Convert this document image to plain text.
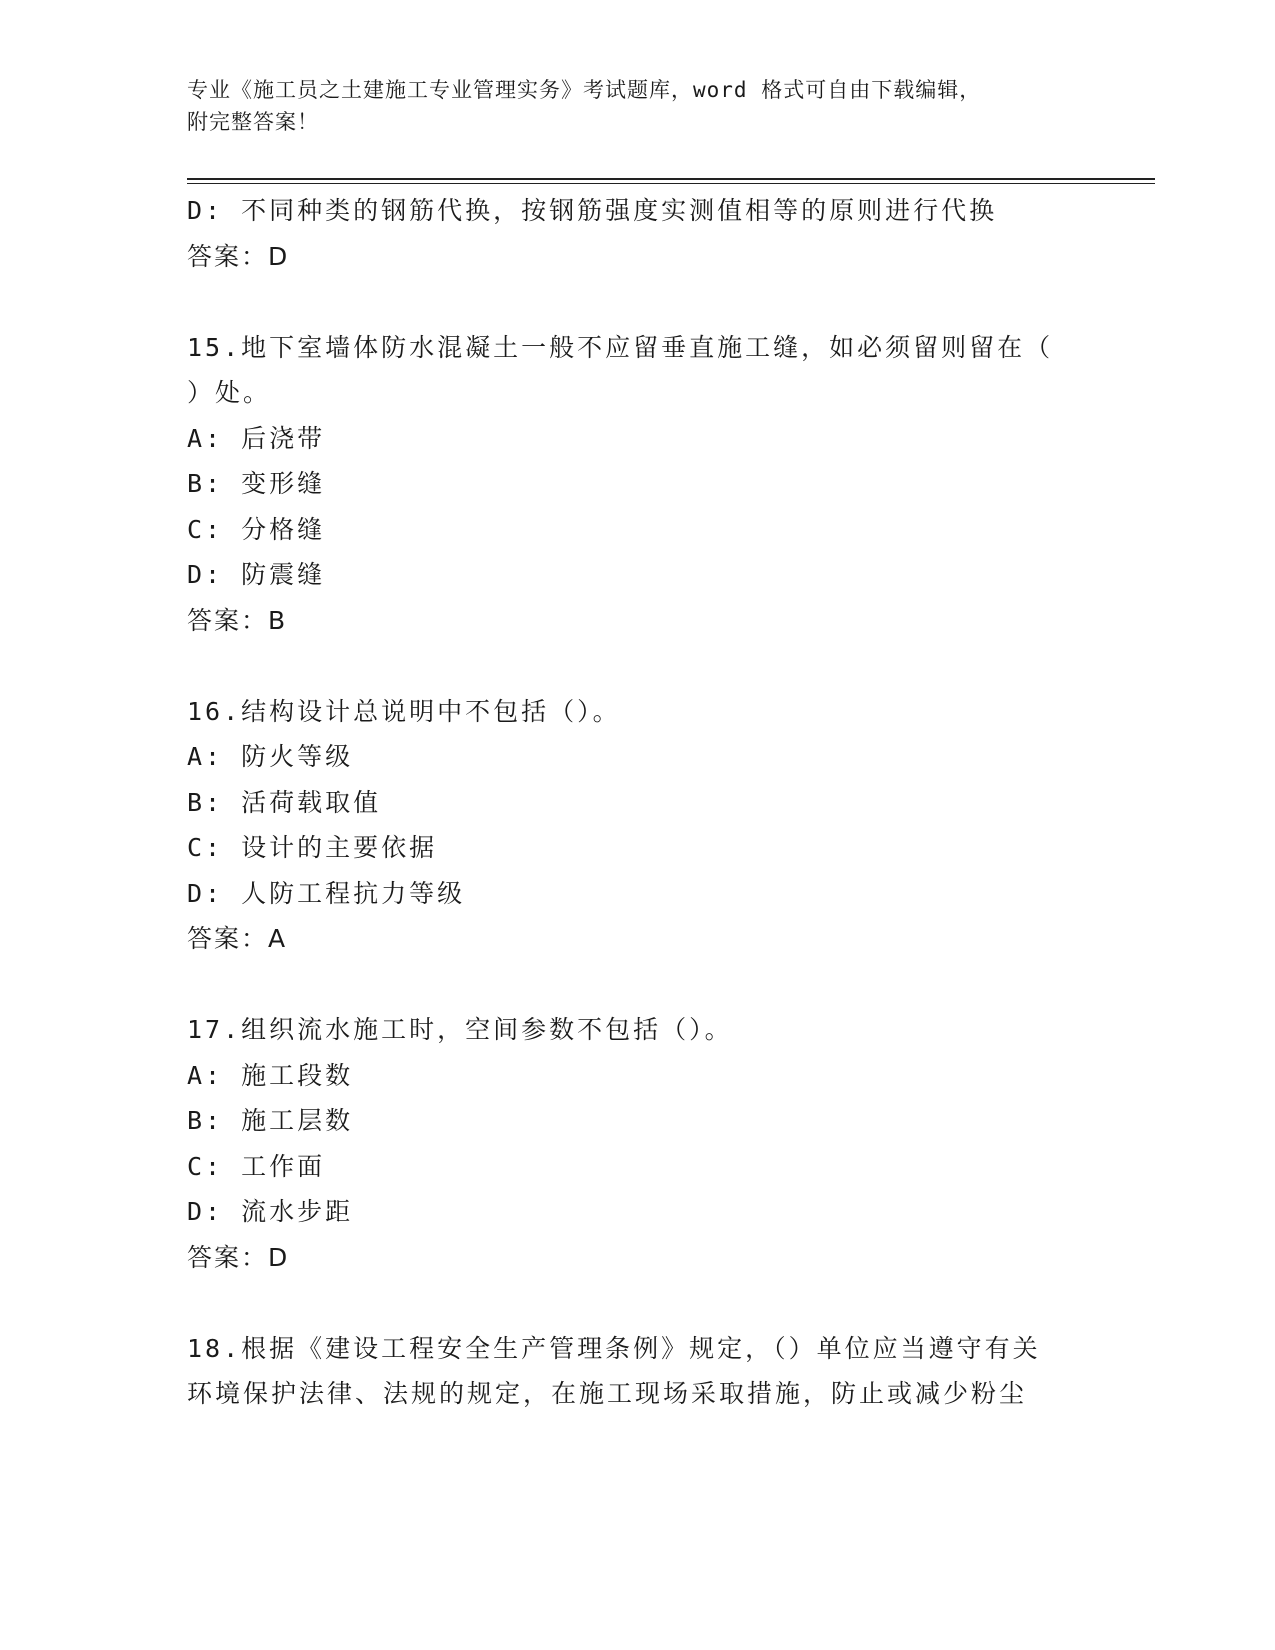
专业《施工员之土建施工专业管理实务》考试题库，word 格式可自由下载编辑，
附完整答案！
D: 不同种类的钢筋代换，按钢筋强度实测值相等的原则进行代换
答案：D
15.地下室墙体防水混凝土一般不应留垂直施工缝，如必须留则留在（
）处。
A: 后浇带
B: 变形缝
C: 分格缝
D: 防震缝
答案：B
16.结构设计总说明中不包括（）。
A: 防火等级
B: 活荷载取值
C: 设计的主要依据
D: 人防工程抗力等级
答案：A
17.组织流水施工时，空间参数不包括（）。
A: 施工段数
B: 施工层数
C: 工作面
D: 流水步距
答案：D
18.根据《建设工程安全生产管理条例》规定，（）单位应当遵守有关
环境保护法律、法规的规定，在施工现场采取措施，防止或减少粉尘
